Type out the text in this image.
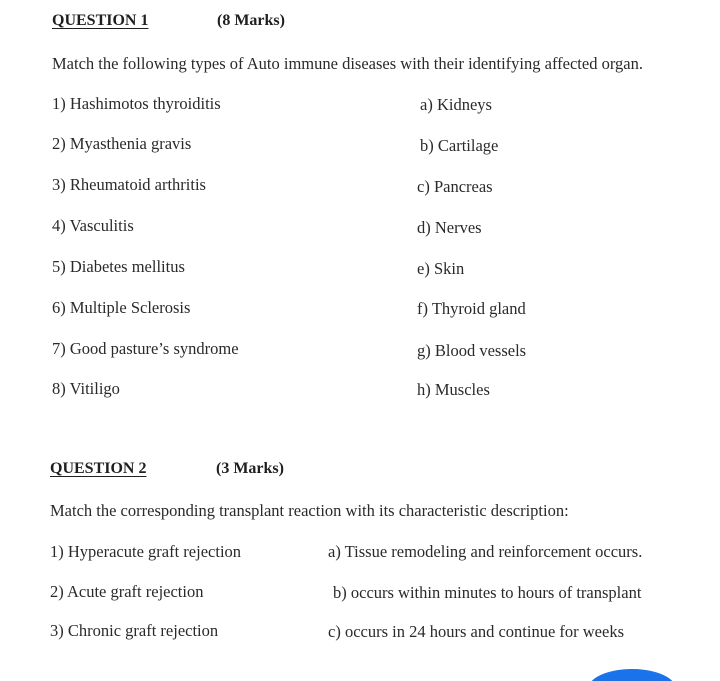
QUESTION 1	(8 Marks)
Match the following types of Auto immune diseases with their identifying affected organ.
1) Hashimotos thyroiditis
2) Myasthenia gravis
3) Rheumatoid arthritis
4) Vasculitis
5) Diabetes mellitus
6) Multiple Sclerosis
7) Good pasture’s syndrome
8) Vitiligo
a) Kidneys
b) Cartilage
c) Pancreas
d) Nerves
e) Skin
f) Thyroid gland
g) Blood vessels
h) Muscles
QUESTION 2	(3 Marks)
Match the corresponding transplant reaction with its characteristic description:
1) Hyperacute graft rejection
2) Acute graft rejection
3) Chronic graft rejection
a) Tissue remodeling and reinforcement occurs.
b) occurs within minutes to hours of transplant
c) occurs in 24 hours and continue for weeks
